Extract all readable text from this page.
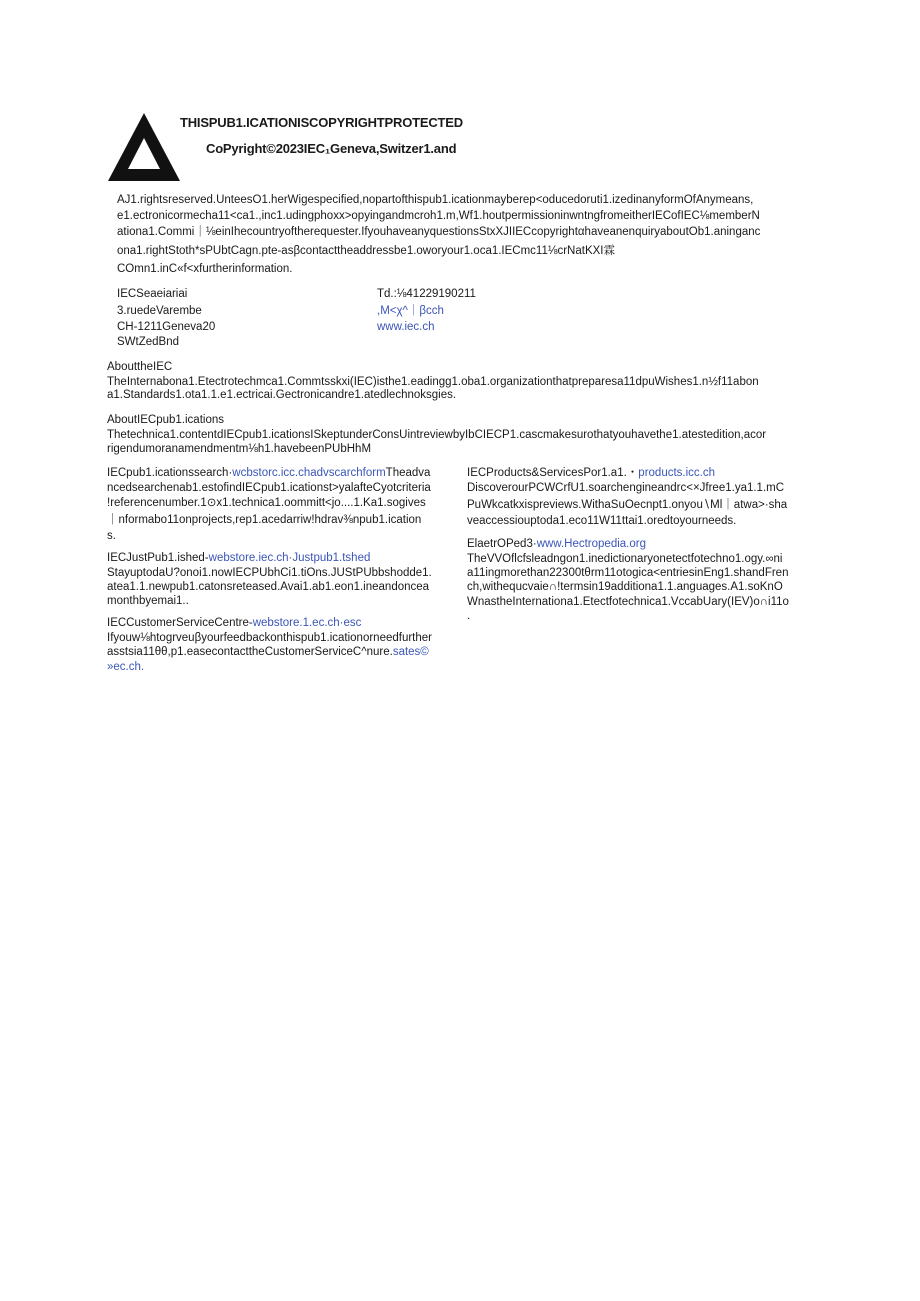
THISPUB1.ICATIONISCOPYRIGHTPROTECTED
CoPyright©2023IEC₁Geneva,Switzer1.and
AJ1.rightsreserved.UnteesO1.herWigespecified,nopartofthispub1.icationmayberep<oducedoruti1.izedinanyformOfAnymeans,
e1.ectronicormecha11<ca1.,inc1.udingphoxx>opyingandmcroh1.m,Wf1.houtpermissioninwntngfromeitherIECofIEC⅛memberN
ationa1.Commi｜⅛einIhecountryoftherequester.IfyouhaveanyquestionsStxXJIIECcopyrightαhaveanenquiryaboutOb1.aninganc
ona1.rightStoth*sPUbtCagn.pte-asβcontacttheaddressbe1.oworyour1.oca1.IECmc11⅛crNatKXI霖
COmn1.inC«f<xfurtherinformation.
IECSeaeiariai
3.ruedeVarembe
CH-1211Geneva20
SWtZedBnd
Td.:⅛41229190211
,M<χ^｜βcch
www.iec.ch
AbouttheIEC
TheInternabona1.Etectrotechmca1.Commtsskxi(IEC)isthe1.eadingg1.oba1.organizationthatpreparesa11dpuWishes1.n½f11abon
a1.Standards1.ota1.1.e1.ectricai.Gectronicandre1.atedlechnoksgies.
AboutIECpub1.ications
Thetechnica1.contentdIECpub1.icationsISkeptunderConsUintreviewbyIbCIECP1.cascmakesurothatyouhavethe1.atestedition,acor
rigendumoranamendmentm⅛h1.havebeenPUbHhM
IECpub1.icationssearch·wcbstorc.icc.chadvscarchformTheadva
ncedsearchenab1.estofindIECpub1.icationst>yalafteCyotcriteria
!referencenumber.1⊙x1.technica1.oommitt<jo....1.Ka1.sogives
｜nformabo11onprojects,rep1.acedarriw!hdrav⅜npub1.ication
s.
IECJustPub1.ished-webstore.iec.ch·Justpub1.tshed
StayuptodaU?onoi1.nowIECPUbhCi1.tiOns.JUStPUbbshodde1.
atea1.1.newpub1.catonsreteased.Avai1.ab1.eon1.ineandoncea
monthbyemai1..
IECCustomerServiceCentre-webstore.1.ec.ch·esc
Ifyouw⅛htogrveuβyourfeedbackonthispub1.icationorneedfurther
asstsia11θθ,p1.easecontacttheCustomerServiceC^nure.sates©
»ec.ch.
IECProducts&ServicesPor1.a1.・products.icc.ch
DiscoverourPCWCrfU1.soarchengineandrc<×Jfree1.ya1.1.mC
PuWkcatkxispreviews.WithaSuOecnpt1.onyou∖Ml｜atwa>·sha
veaccessiouptoda1.eco11W11ttai1.oredtoyourneeds.
ElaetrOPed3·www.Hectropedia.org
TheVVOflcfsleadngon1.inedictionaryonetectfotechno1.ogy.∞ni
a11ingmorethan22300tθrm11otogica<entriesinEng1.shandFren
ch,withequcvaie∩!termsin19additiona1.1.anguages.A1.soKnO
WnastheInternationa1.Etectfotechnica1.VccabUary(IEV)o∩i11o
.
